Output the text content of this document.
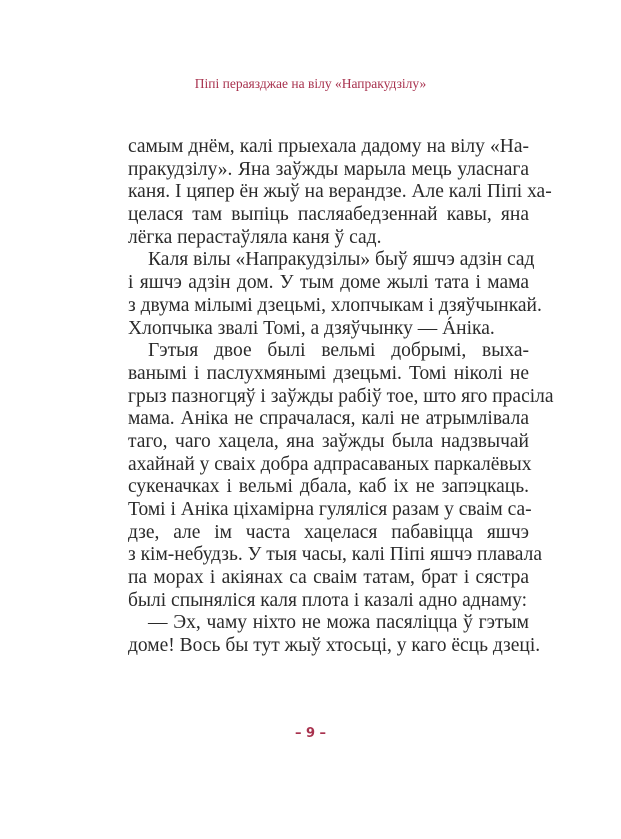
Пiпi пераязджае на вiлу «Напракудзiлу»
самым днём, калі прыехала дадому на вілу «На-
пракудзілу». Яна заўжды марыла мець уласнага
каня. І цяпер ён жыў на верандзе. Але калі Піпі ха-
целася там выпіць пасляабедзеннай кавы, яна
лёгка перастаўляла каня ў сад.
Каля вілы «Напракудзілы» быў яшчэ адзін сад
і яшчэ адзін дом. У тым доме жылі тата і мама
з двума мілымі дзецьмі, хлопчыкам і дзяўчынкай.
Хлопчыка звалі Томі, а дзяўчынку — Áніка.
Гэтыя двое былі вельмі добрымі, выха-
ванымі і паслухмянымі дзецьмі. Томі ніколі не
грыз пазногцяў і заўжды рабіў тое, што яго прасіла
мама. Аніка не спрачалася, калі не атрымлівала
таго, чаго хацела, яна заўжды была надзвычай
ахайнай у сваіх добра адпрасаваных паркалёвых
сукеначках і вельмі дбала, каб іх не запэцкаць.
Томі і Аніка ціхамірна гуляліся разам у сваім са-
дзе, але ім часта хацелася пабавіцца яшчэ
з кім-небудзь. У тыя часы, калі Піпі яшчэ плавала
па морах і акіянах са сваім татам, брат і сястра
былі спыняліся каля плота і казалі адно аднаму:
— Эх, чаму ніхто не можа пасяліцца ў гэтым
доме! Вось бы тут жыў хтосьці, у каго ёсць дзеці.
– 9 –
